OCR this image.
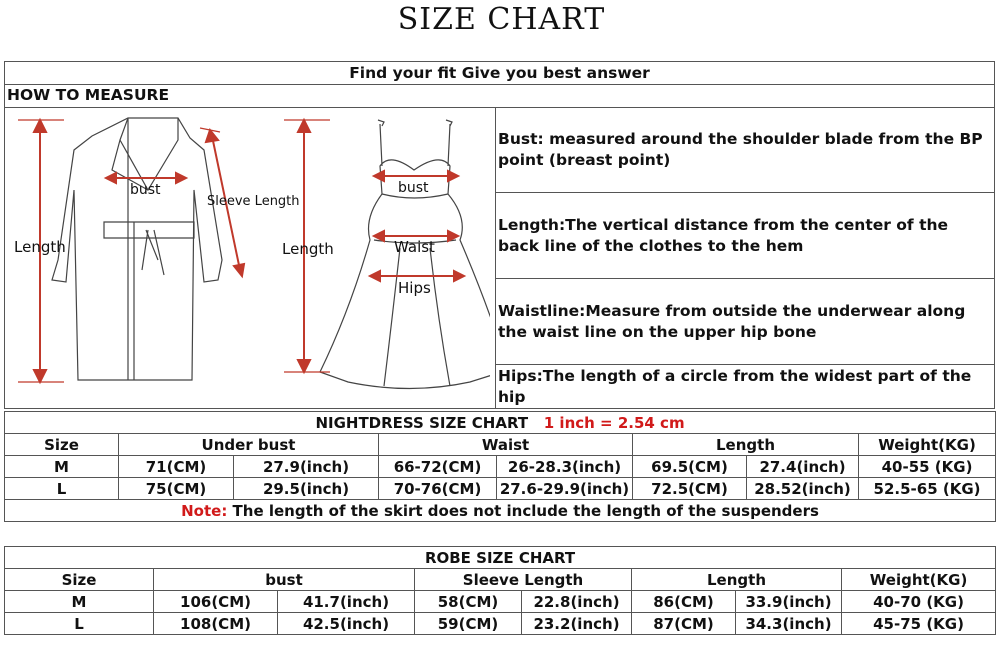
SIZE CHART
Find your fit Give you best answer
HOW TO MEASURE
Bust: measured around the shoulder blade from the BP point (breast point)
Length:The vertical distance from the center of the back line of the clothes to the hem
Waistline:Measure from outside the underwear along the waist line on the upper hip bone
Hips:The length of a circle from the widest part of the hip
Length
bust
Sleeve Length
Length
bust
Waist
Hips
NIGHTDRESS SIZE CHART 1 inch = 2.54 cm							
Size	Under bust		Waist		Length		Weight(KG)
M	71(CM)	27.9(inch)	66-72(CM)	26-28.3(inch)	69.5(CM)	27.4(inch)	40-55 (KG)
L	75(CM)	29.5(inch)	70-76(CM)	27.6-29.9(inch)	72.5(CM)	28.52(inch)	52.5-65 (KG)
Note: The length of the skirt does not include the length of the suspenders							
ROBE SIZE CHART							
Size	bust		Sleeve Length		Length		Weight(KG)
M	106(CM)	41.7(inch)	58(CM)	22.8(inch)	86(CM)	33.9(inch)	40-70 (KG)
L	108(CM)	42.5(inch)	59(CM)	23.2(inch)	87(CM)	34.3(inch)	45-75 (KG)
